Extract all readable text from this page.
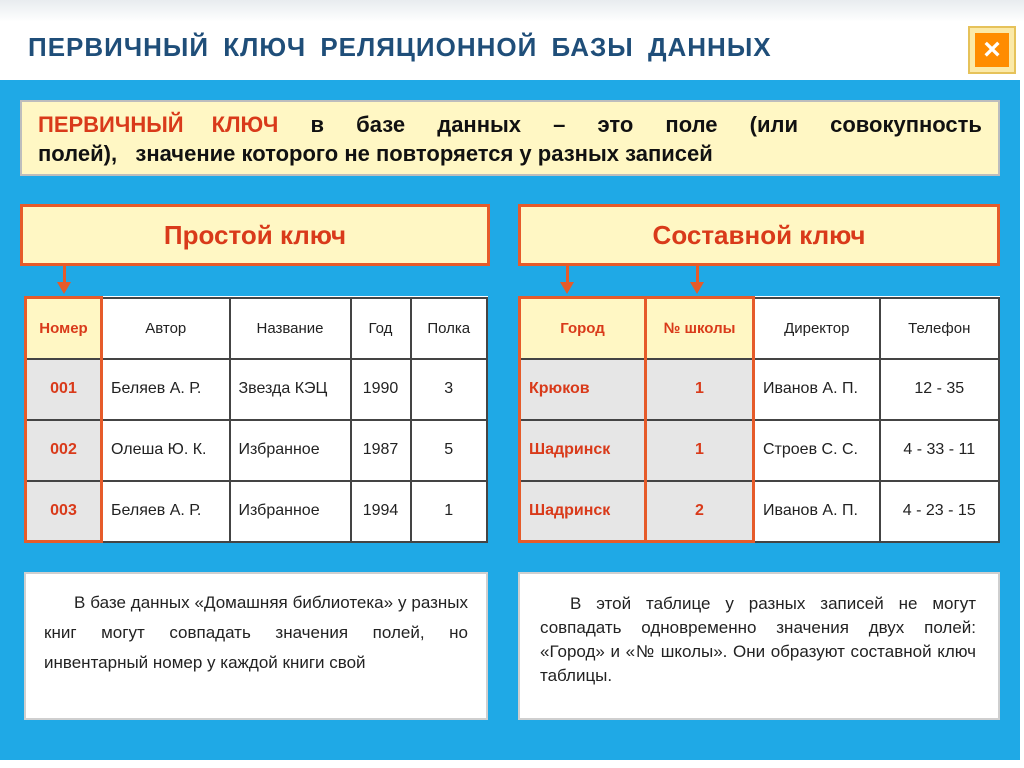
ПЕРВИЧНЫЙ КЛЮЧ РЕЛЯЦИОННОЙ БАЗЫ ДАННЫХ	×
ПЕРВИЧНЫЙ КЛЮЧ в базе данных – это поле (или совокупность
полей),   значение которого не повторяется у разных записей
Простой ключ
Номер	Автор	Название	Год	Полка
001	Беляев А. Р.	Звезда КЭЦ	1990	3
002	Олеша Ю. К.	Избранное	1987	5
003	Беляев А. Р.	Избранное	1994	1

В базе данных «Домашняя библиотека» у разных книг могут совпадать значения полей, но инвентарный номер у каждой книги свой

Составной ключ
Город	№ школы	Директор	Телефон
Крюков	1	Иванов А. П.	12 - 35
Шадринск	1	Строев С. С.	4 - 33 - 11
Шадринск	2	Иванов А. П.	4 - 23 - 15

В этой таблице у разных записей не могут совпадать одновременно значения двух полей: «Город» и «№ школы». Они образуют составной ключ таблицы.
